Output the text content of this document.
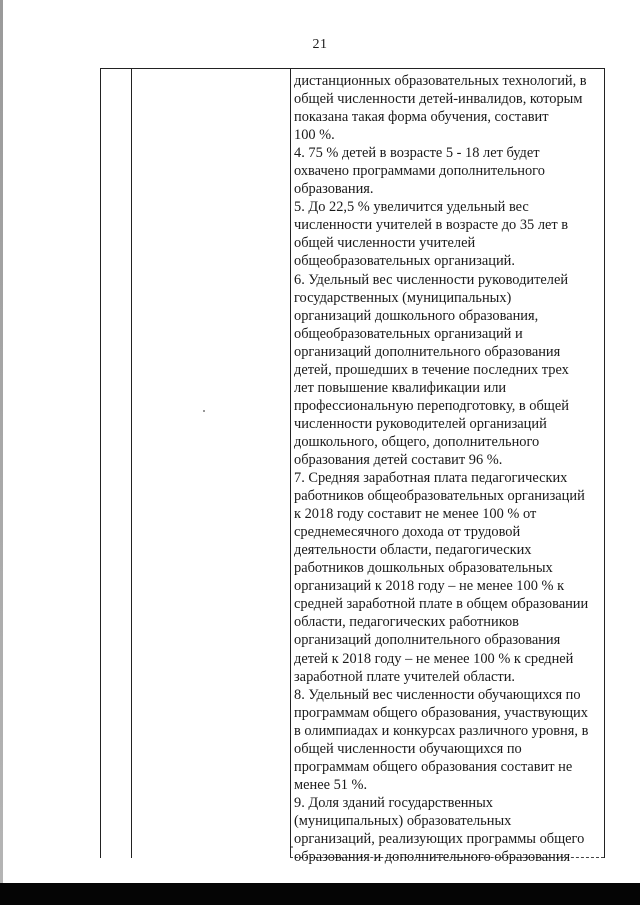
21
дистанционных образовательных технологий, в
общей численности детей-инвалидов, которым
показана такая форма обучения, составит
100 %.
4. 75 % детей в возрасте 5 - 18 лет будет
охвачено программами дополнительного
образования.
5. До 22,5 % увеличится удельный вес
численности учителей в возрасте до 35 лет в
общей численности учителей
общеобразовательных организаций.
6. Удельный вес численности руководителей
государственных (муниципальных)
организаций дошкольного образования,
общеобразовательных организаций и
организаций дополнительного образования
детей, прошедших в течение последних трех
лет повышение квалификации или
профессиональную переподготовку, в общей
численности руководителей организаций
дошкольного, общего, дополнительного
образования детей составит 96 %.
7. Средняя заработная плата педагогических
работников общеобразовательных организаций
к 2018 году составит не менее 100 % от
среднемесячного дохода от трудовой
деятельности области, педагогических
работников дошкольных образовательных
организаций к 2018 году – не менее 100 % к
средней заработной плате в общем образовании
области, педагогических работников
организаций дополнительного образования
детей к 2018 году – не менее 100 % к средней
заработной плате учителей области.
8. Удельный вес численности обучающихся по
программам общего образования, участвующих
в олимпиадах и конкурсах различного уровня, в
общей численности обучающихся по
программам общего образования составит не
менее 51 %.
9. Доля зданий государственных
(муниципальных) образовательных
организаций, реализующих программы общего
образования и дополнительного образования
